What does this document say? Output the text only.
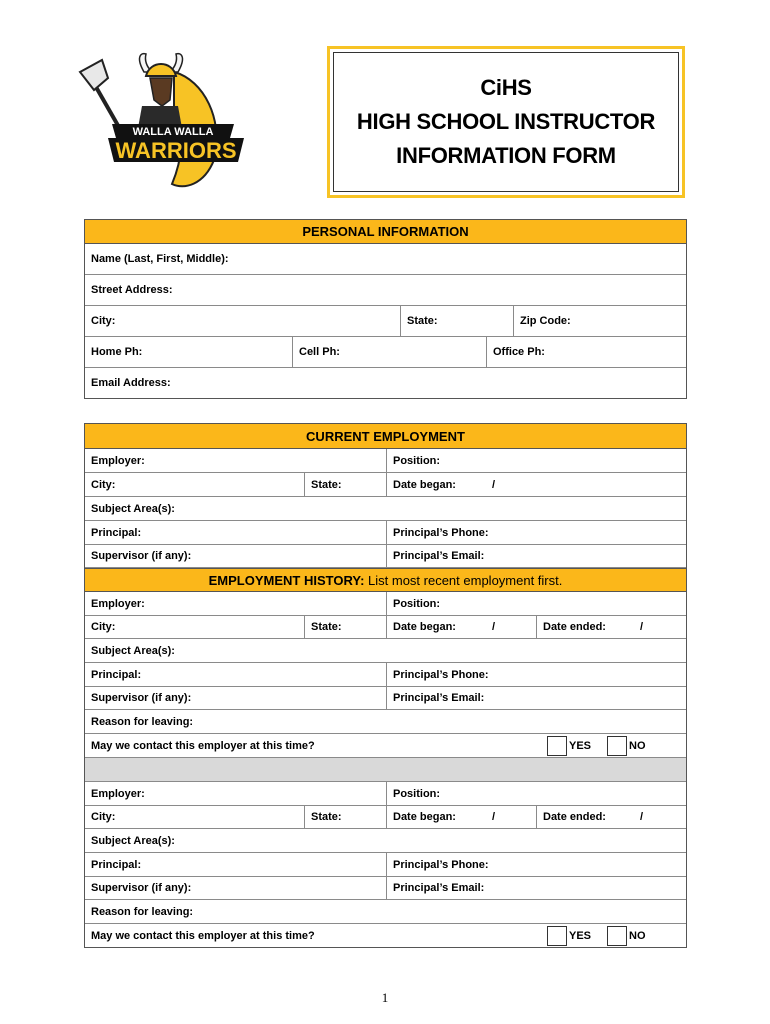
WALLA WALLA
WARRIORS
CiHS
HIGH SCHOOL INSTRUCTOR
INFORMATION FORM
PERSONAL INFORMATION
Name (Last, First, Middle):
Street Address:
City:	State:	Zip Code:
Home Ph:	Cell Ph:	Office Ph:
Email Address:
CURRENT EMPLOYMENT
Employer:	Position:
City:	State:	Date began:	/
Subject Area(s):
Principal:	Principal’s Phone:
Supervisor (if any):	Principal’s Email:
EMPLOYMENT HISTORY: List most recent employment first.
Employer:	Position:
City:	State:	Date began:	/	Date ended:	/
Subject Area(s):
Principal:	Principal’s Phone:
Supervisor (if any):	Principal’s Email:
Reason for leaving:
May we contact this employer at this time?	YES	NO
Employer:	Position:
City:	State:	Date began:	/	Date ended:	/
Subject Area(s):
Principal:	Principal’s Phone:
Supervisor (if any):	Principal’s Email:
Reason for leaving:
May we contact this employer at this time?	YES	NO
1
